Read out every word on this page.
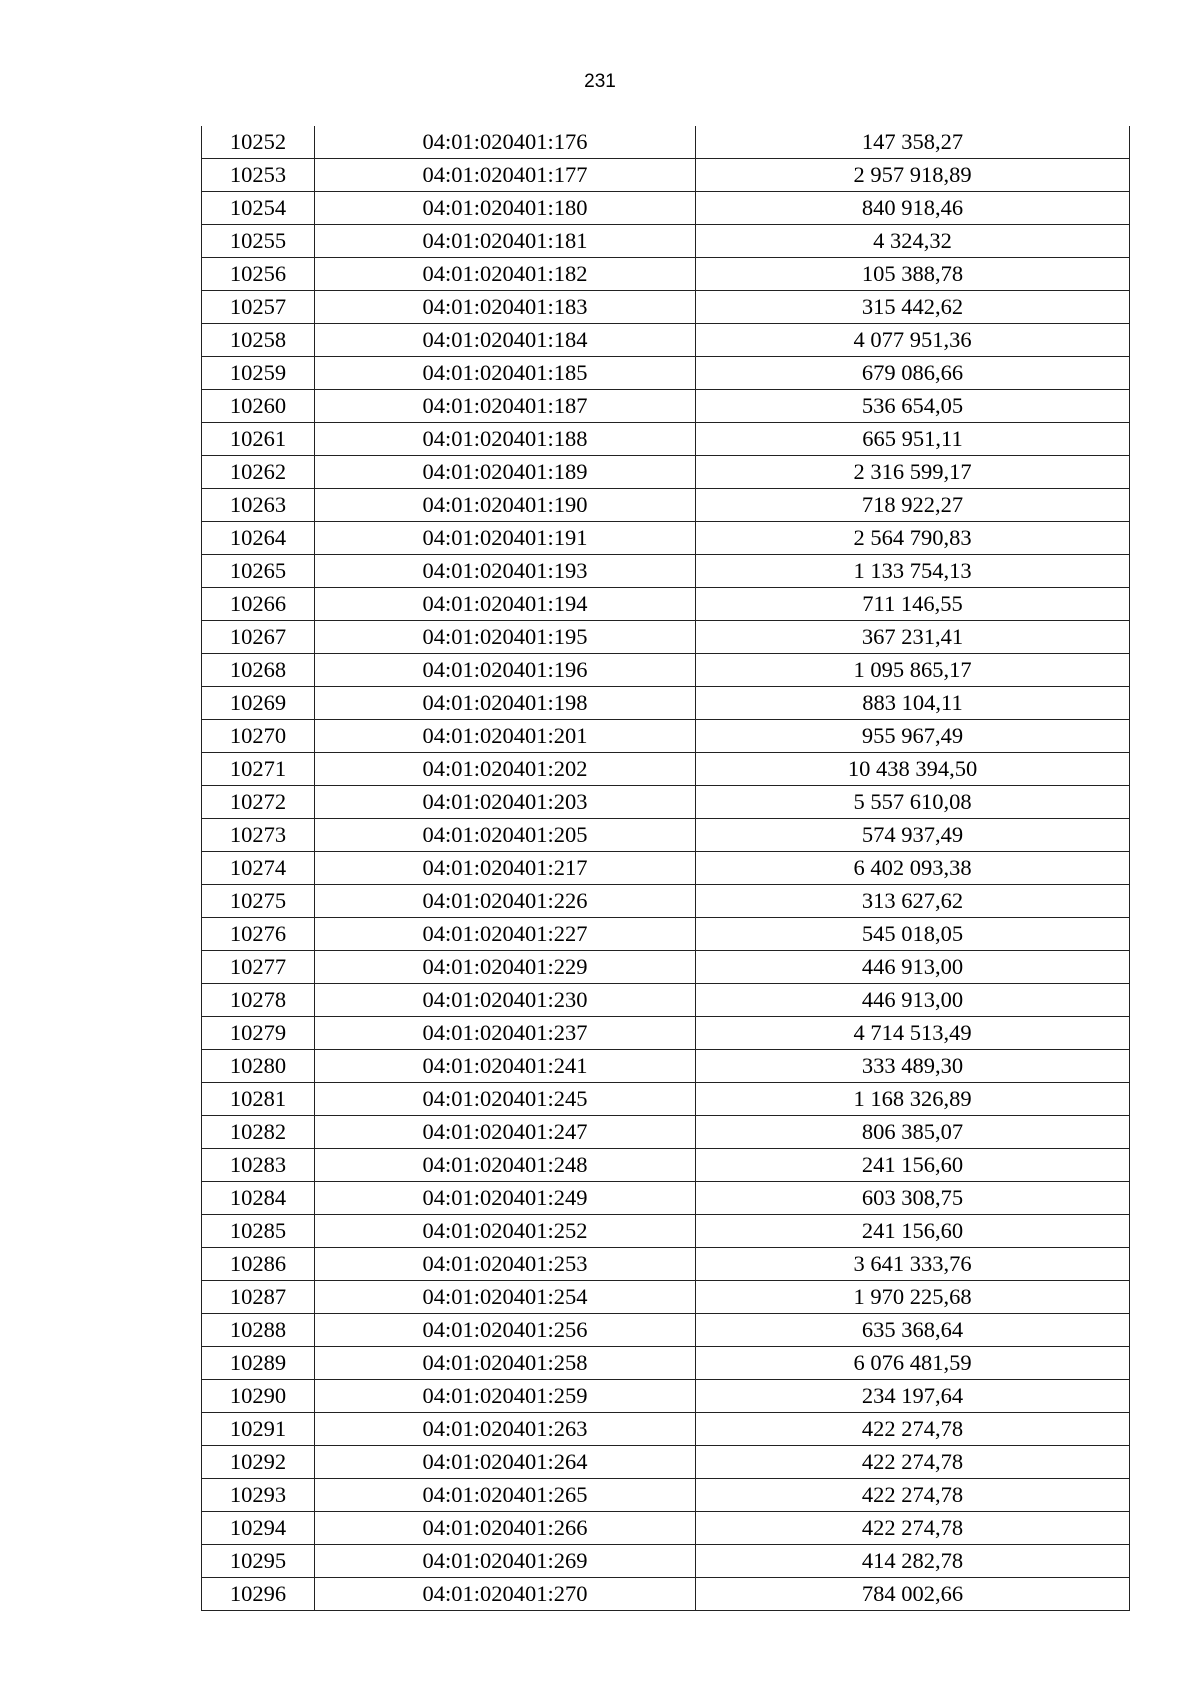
231
10252	04:01:020401:176	147 358,27
10253	04:01:020401:177	2 957 918,89
10254	04:01:020401:180	840 918,46
10255	04:01:020401:181	4 324,32
10256	04:01:020401:182	105 388,78
10257	04:01:020401:183	315 442,62
10258	04:01:020401:184	4 077 951,36
10259	04:01:020401:185	679 086,66
10260	04:01:020401:187	536 654,05
10261	04:01:020401:188	665 951,11
10262	04:01:020401:189	2 316 599,17
10263	04:01:020401:190	718 922,27
10264	04:01:020401:191	2 564 790,83
10265	04:01:020401:193	1 133 754,13
10266	04:01:020401:194	711 146,55
10267	04:01:020401:195	367 231,41
10268	04:01:020401:196	1 095 865,17
10269	04:01:020401:198	883 104,11
10270	04:01:020401:201	955 967,49
10271	04:01:020401:202	10 438 394,50
10272	04:01:020401:203	5 557 610,08
10273	04:01:020401:205	574 937,49
10274	04:01:020401:217	6 402 093,38
10275	04:01:020401:226	313 627,62
10276	04:01:020401:227	545 018,05
10277	04:01:020401:229	446 913,00
10278	04:01:020401:230	446 913,00
10279	04:01:020401:237	4 714 513,49
10280	04:01:020401:241	333 489,30
10281	04:01:020401:245	1 168 326,89
10282	04:01:020401:247	806 385,07
10283	04:01:020401:248	241 156,60
10284	04:01:020401:249	603 308,75
10285	04:01:020401:252	241 156,60
10286	04:01:020401:253	3 641 333,76
10287	04:01:020401:254	1 970 225,68
10288	04:01:020401:256	635 368,64
10289	04:01:020401:258	6 076 481,59
10290	04:01:020401:259	234 197,64
10291	04:01:020401:263	422 274,78
10292	04:01:020401:264	422 274,78
10293	04:01:020401:265	422 274,78
10294	04:01:020401:266	422 274,78
10295	04:01:020401:269	414 282,78
10296	04:01:020401:270	784 002,66
